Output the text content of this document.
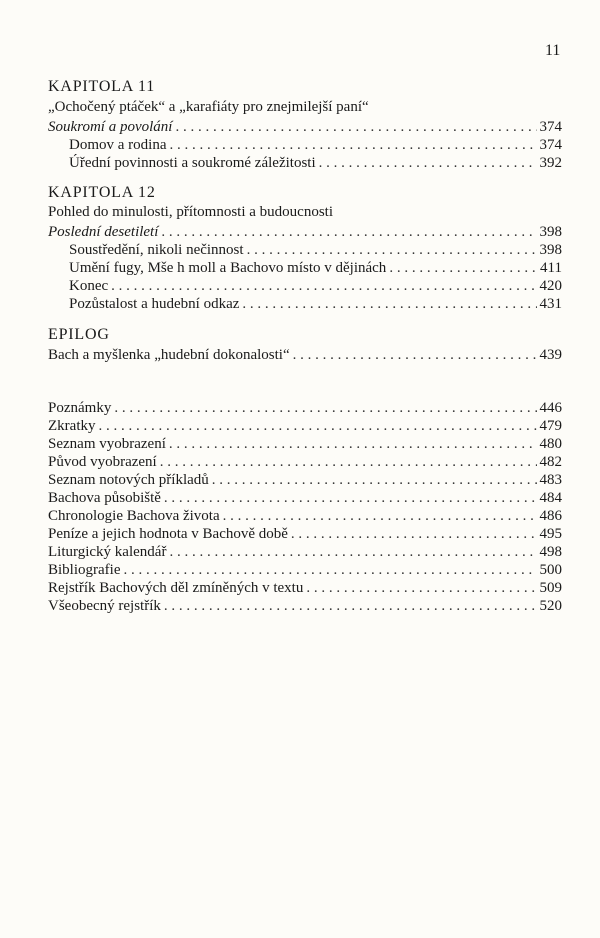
11
KAPITOLA 11
„Ochočený ptáček“ a „karafiáty pro znejmilejší paní“
Soukromí a povolání . . .	374
Domov a rodina . . .	374
Úřední povinnosti a soukromé záležitosti . . .	392
KAPITOLA 12
Pohled do minulosti, přítomnosti a budoucnosti
Poslední desetiletí . . .	398
Soustředění, nikoli nečinnost . . .	398
Umění fugy, Mše h moll a Bachovo místo v dějinách . . .	411
Konec . . .	420
Pozůstalost a hudební odkaz . . .	431
EPILOG
Bach a myšlenka „hudební dokonalosti“ . . .	439
Poznámky . . .	446
Zkratky . . .	479
Seznam vyobrazení . . .	480
Původ vyobrazení . . .	482
Seznam notových příkladů . . .	483
Bachova působiště . . .	484
Chronologie Bachova života . . .	486
Peníze a jejich hodnota v Bachově době . . .	495
Liturgický kalendář . . .	498
Bibliografie . . .	500
Rejstřík Bachových děl zmíněných v textu . . .	509
Všeobecný rejstřík . . .	520
